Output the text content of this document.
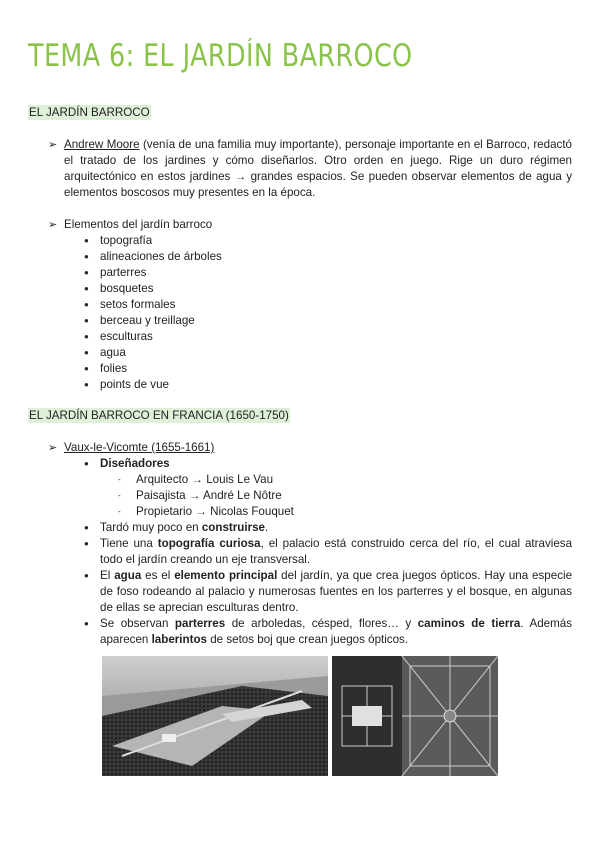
TEMA 6: EL JARDÍN BARROCO
EL JARDÍN BARROCO
➢ Andrew Moore (venía de una familia muy importante), personaje importante en el Barroco, redactó el tratado de los jardines y cómo diseñarlos. Otro orden en juego. Rige un duro régimen arquitectónico en estos jardines → grandes espacios. Se pueden observar elementos de agua y elementos boscosos muy presentes en la época.
➢ Elementos del jardín barroco
● topografía
● alineaciones de árboles
● parterres
● bosquetes
● setos formales
● berceau y treillage
● esculturas
● agua
● folies
● points de vue
EL JARDÍN BARROCO EN FRANCIA (1650-1750)
➢ Vaux-le-Vicomte (1655-1661)
● Diseñadores
- Arquitecto → Louis Le Vau
- Paisajista → André Le Nôtre
- Propietario → Nicolas Fouquet
● Tardó muy poco en construirse.
● Tiene una topografía curiosa, el palacio está construido cerca del río, el cual atraviesa todo el jardín creando un eje transversal.
● El agua es el elemento principal del jardín, ya que crea juegos ópticos. Hay una especie de foso rodeando al palacio y numerosas fuentes en los parterres y el bosque, en algunas de ellas se aprecian esculturas dentro.
● Se observan parterres de arboledas, césped, flores… y caminos de tierra. Además aparecen laberintos de setos boj que crean juegos ópticos.
